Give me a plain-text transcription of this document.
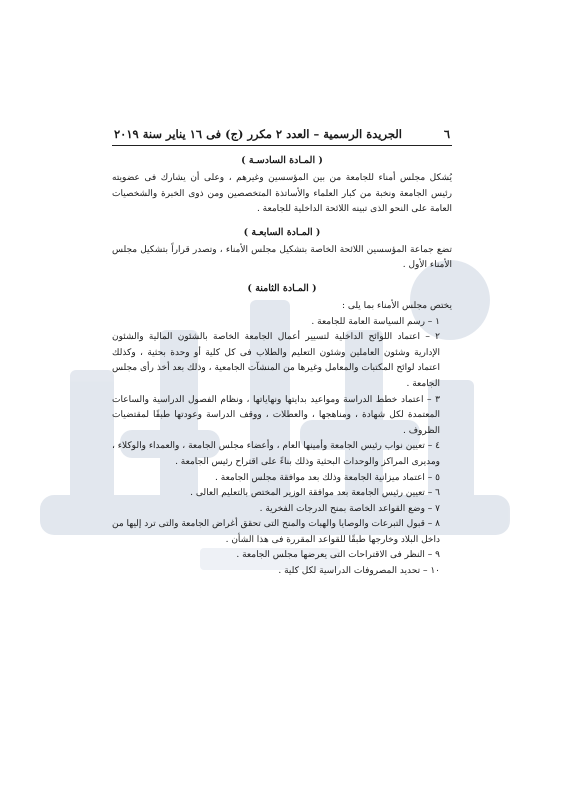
٦
الجريدة الرسمية – العدد ٢ مكرر (ج) فى ١٦ يناير سنة ٢٠١٩
( المـادة السادسـة )

يُشكل مجلس أمناء للجامعة من بين المؤسسين وغيرهم ، وعلى أن يشارك فى عضويته رئيس الجامعة ونخبة من كبار العلماء والأساتذة المتخصصين ومن ذوى الخبرة والشخصيات العامة على النحو الذى تبينه اللائحة الداخلية للجامعة .

( المـادة السابعـة )

تضع جماعة المؤسسين اللائحة الخاصة بتشكيل مجلس الأمناء ، وتصدر قراراً بتشكيل مجلس الأمناء الأول .

( المـادة الثامنة )

يختص مجلس الأمناء بما يلى :

١ – رسم السياسة العامة للجامعة .
٢ – اعتماد اللوائح الداخلية لتسيير أعمال الجامعة الخاصة بالشئون المالية والشئون الإدارية وشئون العاملين وشئون التعليم والطلاب فى كل كلية أو وحدة بحثية ، وكذلك اعتماد لوائح المكتبات والمعامل وغيرها من المنشآت الجامعية ، وذلك بعد أخذ رأى مجلس الجامعة .
٣ – اعتماد خطط الدراسة ومواعيد بدايتها ونهاياتها ، ونظام الفصول الدراسية والساعات المعتمدة لكل شهادة ، ومناهجها ، والعطلات ، ووقف الدراسة وعودتها طبقًا لمقتضيات الظروف .
٤ – تعيين نواب رئيس الجامعة وأمينها العام ، وأعضاء مجلس الجامعة ، والعمداء والوكلاء ، ومديرى المراكز والوحدات البحثية وذلك بناءً على اقتراح رئيس الجامعة .
٥ – اعتماد ميزانية الجامعة وذلك بعد موافقة مجلس الجامعة .
٦ – تعيين رئيس الجامعة بعد موافقة الوزير المختص بالتعليم العالى .
٧ – وضع القواعد الخاصة بمنح الدرجات الفخرية .
٨ – قبول التبرعات والوصايا والهبات والمنح التى تحقق أغراض الجامعة والتى ترد إليها من داخل البلاد وخارجها طبقًا للقواعد المقررة فى هذا الشأن .
٩ – النظر فى الاقتراحات التى يعرضها مجلس الجامعة .
١٠ – تحديد المصروفات الدراسية لكل كلية .
